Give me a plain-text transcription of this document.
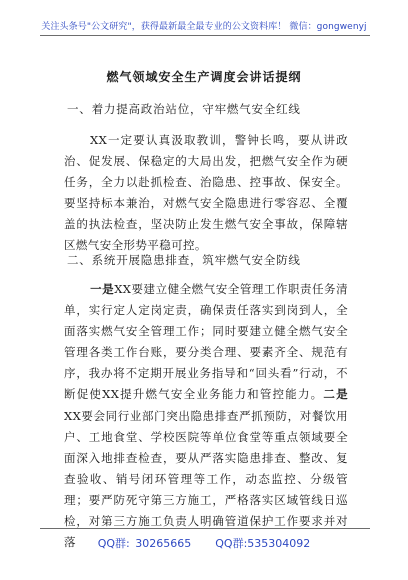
关注头条号"公文研究"，获得最新最全最专业的公文资料库！ 微信：gongwenyj
燃气领域安全生产调度会讲话提纲
一、着力提高政治站位，守牢燃气安全红线
XX一定要认真汲取教训，警钟长鸣，要从讲政治、促发展、保稳定的大局出发，把燃气安全作为硬任务，全力以赴抓检查、治隐患、控事故、保安全。要坚持标本兼治，对燃气安全隐患进行零容忍、全覆盖的执法检查，坚决防止发生燃气安全事故，保障辖区燃气安全形势平稳可控。
二、系统开展隐患排查，筑牢燃气安全防线
一是XX要建立健全燃气安全管理工作职责任务清单，实行定人定岗定责，确保责任落实到岗到人，全面落实燃气安全管理工作；同时要建立健全燃气安全管理各类工作台账，要分类合理、要素齐全、规范有序，我办将不定期开展业务指导和“回头看”行动，不断促使XX提升燃气安全业务能力和管控能力。二是XX要会同行业部门突出隐患排查严抓预防，对餐饮用户、工地食堂、学校医院等单位食堂等重点领域要全面深入地排查检查，要从严落实隐患排查、整改、复查验收、销号闭环管理等工作，动态监控、分级管理；要严防死守第三方施工，严格落实区域管线日巡检，对第三方施工负责人明确管道保护工作要求并对落	QQ群: 30265665 QQ群:535304092
